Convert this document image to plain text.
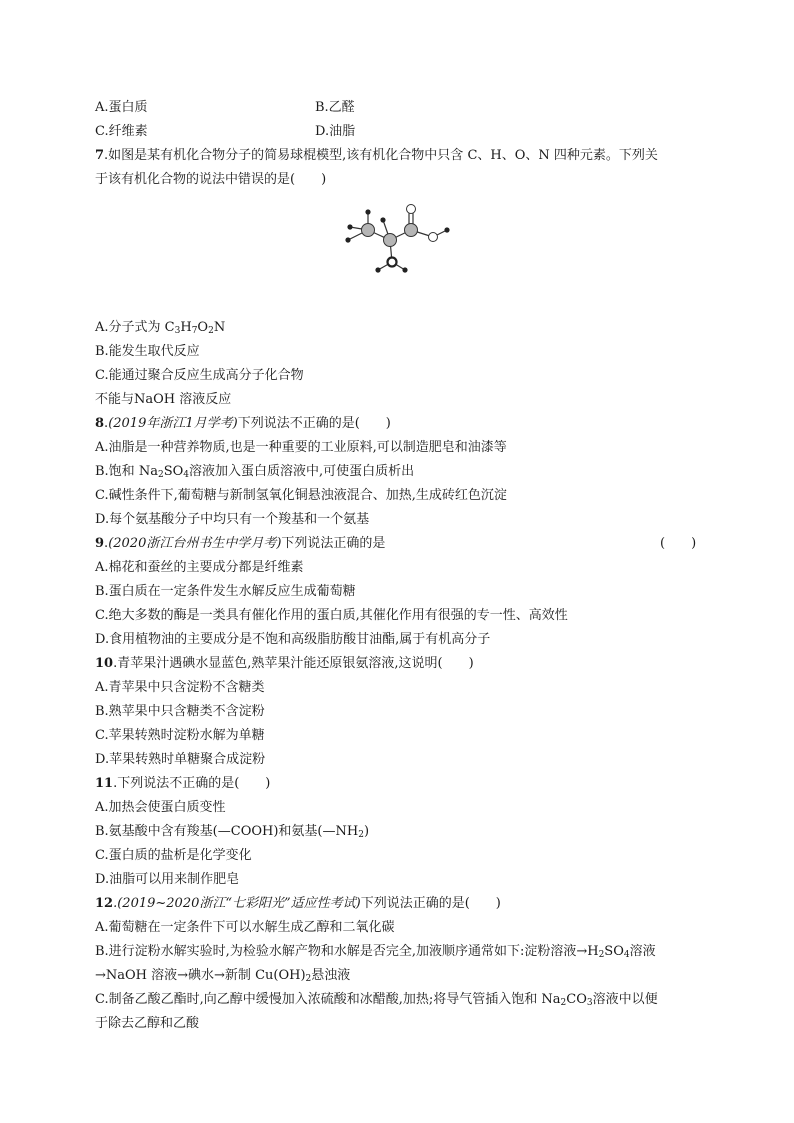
A.蛋白质	B.乙醛
C.纤维素	D.油脂
7.如图是某有机化合物分子的简易球棍模型,该有机化合物中只含 C、H、O、N 四种元素。下列关
于该有机化合物的说法中错误的是(　　)
A.分子式为 $C_3H_7O_2N$
B.能发生取代反应
C.能通过聚合反应生成高分子化合物
不能与NaOH 溶液反应
8.(2019年浙江1月学考)下列说法不正确的是(　　)
A.油脂是一种营养物质,也是一种重要的工业原料,可以制造肥皂和油漆等
B.饱和 $Na_2SO_4$溶液加入蛋白质溶液中,可使蛋白质析出
C.碱性条件下,葡萄糖与新制氢氧化铜悬浊液混合、加热,生成砖红色沉淀
D.每个氨基酸分子中均只有一个羧基和一个氨基
9.(2020浙江台州书生中学月考)下列说法正确的是	(　　)
A.棉花和蚕丝的主要成分都是纤维素
B.蛋白质在一定条件发生水解反应生成葡萄糖
C.绝大多数的酶是一类具有催化作用的蛋白质,其催化作用有很强的专一性、高效性
D.食用植物油的主要成分是不饱和高级脂肪酸甘油酯,属于有机高分子
10.青苹果汁遇碘水显蓝色,熟苹果汁能还原银氨溶液,这说明(　　)
A.青苹果中只含淀粉不含糖类
B.熟苹果中只含糖类不含淀粉
C.苹果转熟时淀粉水解为单糖
D.苹果转熟时单糖聚合成淀粉
11.下列说法不正确的是(　　)
A.加热会使蛋白质变性
B.氨基酸中含有羧基(—COOH)和氨基$(—NH_2)$
C.蛋白质的盐析是化学变化
D.油脂可以用来制作肥皂
12.(2019~2020浙江“七彩阳光”适应性考试)下列说法正确的是(　　)
A.葡萄糖在一定条件下可以水解生成乙醇和二氧化碳
B.进行淀粉水解实验时,为检验水解产物和水解是否完全,加液顺序通常如下:淀粉溶液$\to H_2SO_4$溶液
→NaOH 溶液→碘水→新制 $Cu(OH)_2$悬浊液
C.制备乙酸乙酯时,向乙醇中缓慢加入浓硫酸和冰醋酸,加热;将导气管插入饱和 $Na_2CO_3$溶液中以便
于除去乙醇和乙酸
